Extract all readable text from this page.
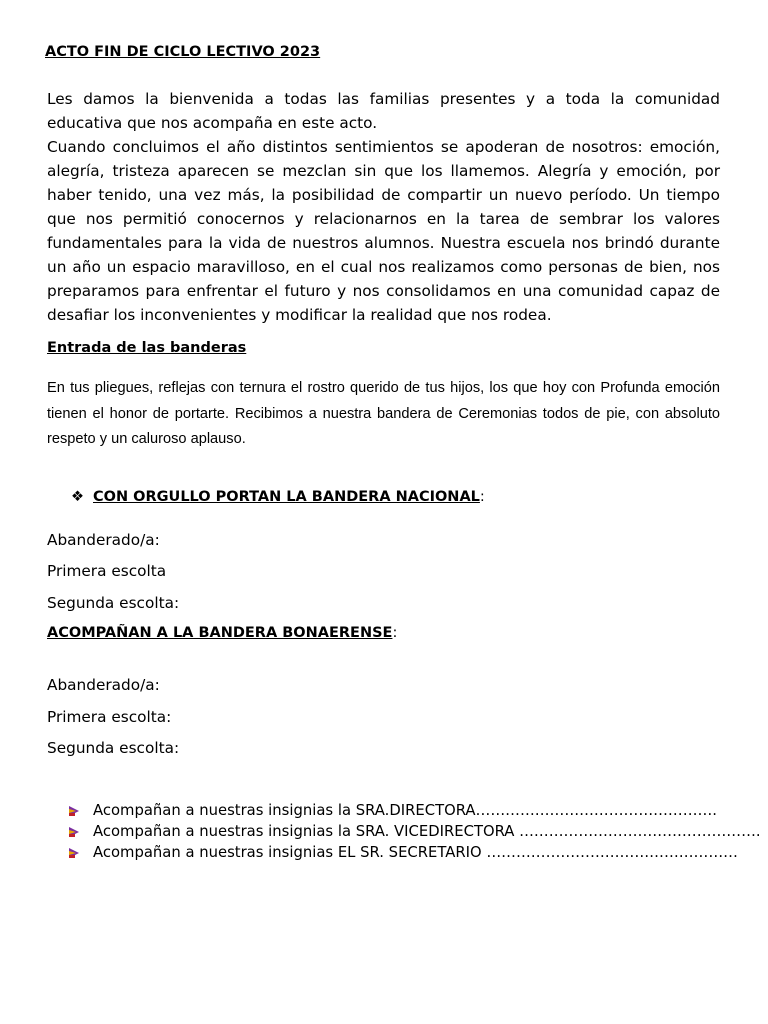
ACTO FIN DE CICLO LECTIVO 2023

Les damos la bienvenida a todas las familias presentes y a toda la comunidad educativa que nos acompaña en este acto.

Cuando concluimos el año distintos sentimientos se apoderan de nosotros: emoción, alegría, tristeza aparecen se mezclan sin que los llamemos. Alegría y emoción, por haber tenido, una vez más, la posibilidad de compartir un nuevo período. Un tiempo que nos permitió conocernos y relacionarnos en la tarea de sembrar los valores fundamentales para la vida de nuestros alumnos. Nuestra escuela nos brindó durante un año un espacio maravilloso, en el cual nos realizamos como personas de bien, nos preparamos para enfrentar el futuro y nos consolidamos en una comunidad capaz de desafiar los inconvenientes y modificar la realidad que nos rodea.

Entrada de las banderas
En tus pliegues, reflejas con ternura el rostro querido de tus hijos, los que hoy con Profunda emoción tienen el honor de portarte. Recibimos a nuestra bandera de Ceremonias todos de pie, con absoluto respeto y un caluroso aplauso.
❖ CON ORGULLO PORTAN LA BANDERA NACIONAL:
Abanderado/a:
Primera escolta
Segunda escolta:
ACOMPAÑAN A LA BANDERA BONAERENSE:
Abanderado/a:
Primera escolta:
Segunda escolta:
Acompañan a nuestras insignias la SRA.DIRECTORA………………………………………….
Acompañan a nuestras insignias la SRA. VICEDIRECTORA ………………………………………….
Acompañan a nuestras insignias EL SR. SECRETARIO ……………………………………………
